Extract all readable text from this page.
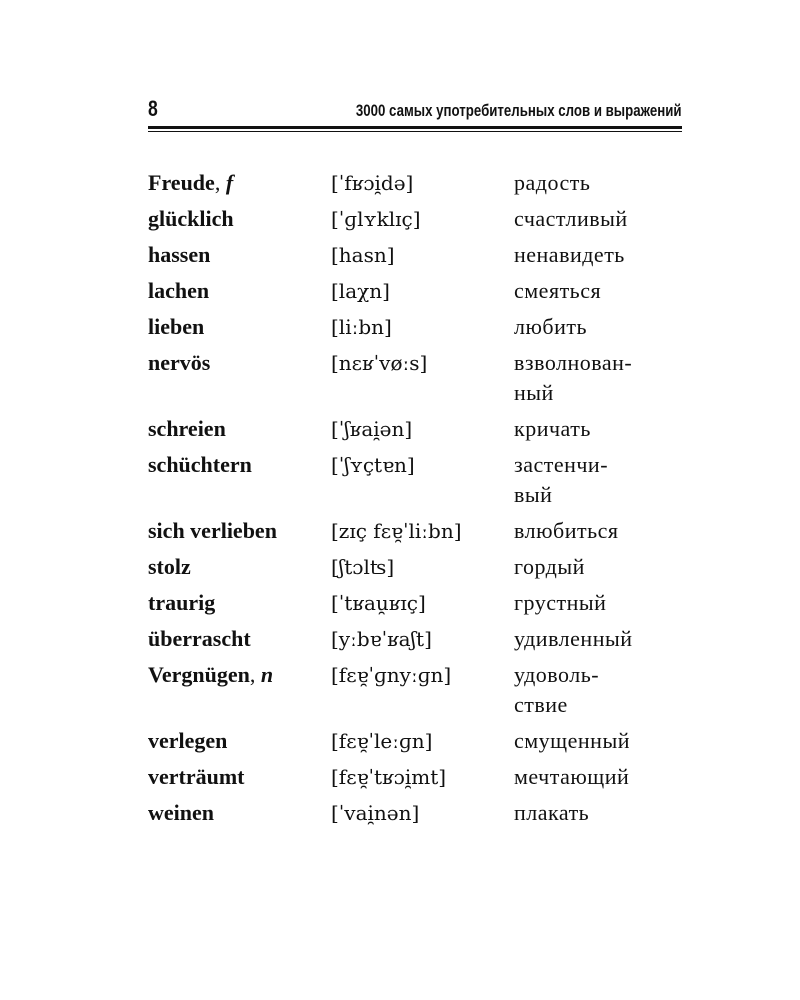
8	3000 самых употребительных слов и выражений
Freude, f	[ˈfʁɔi̯də]	радость
glücklich	[ˈɡlʏklɪç]	счастливый
hassen	[hasn]	ненавидеть
lachen	[laχn]	смеяться
lieben	[liːbn]	любить
nervös	[nɛʁˈvøːs]	взволнован-
ный
schreien	[ˈʃʁai̯ən]	кричать
schüchtern	[ˈʃʏçtɐn]	застенчи-
вый
sich verlieben	[zɪç fɛɐ̯ˈliːbn]	влюбиться
stolz	[ʃtɔlʦ]	гордый
traurig	[ˈtʁau̯ʁɪç]	грустный
überrascht	[yːbɐˈʁaʃt]	удивленный
Vergnügen, n	[fɛɐ̯ˈɡnyːɡn]	удоволь-
ствие
verlegen	[fɛɐ̯ˈleːɡn]	смущенный
verträumt	[fɛɐ̯ˈtʁɔi̯mt]	мечтающий
weinen	[ˈvai̯nən]	плакать
